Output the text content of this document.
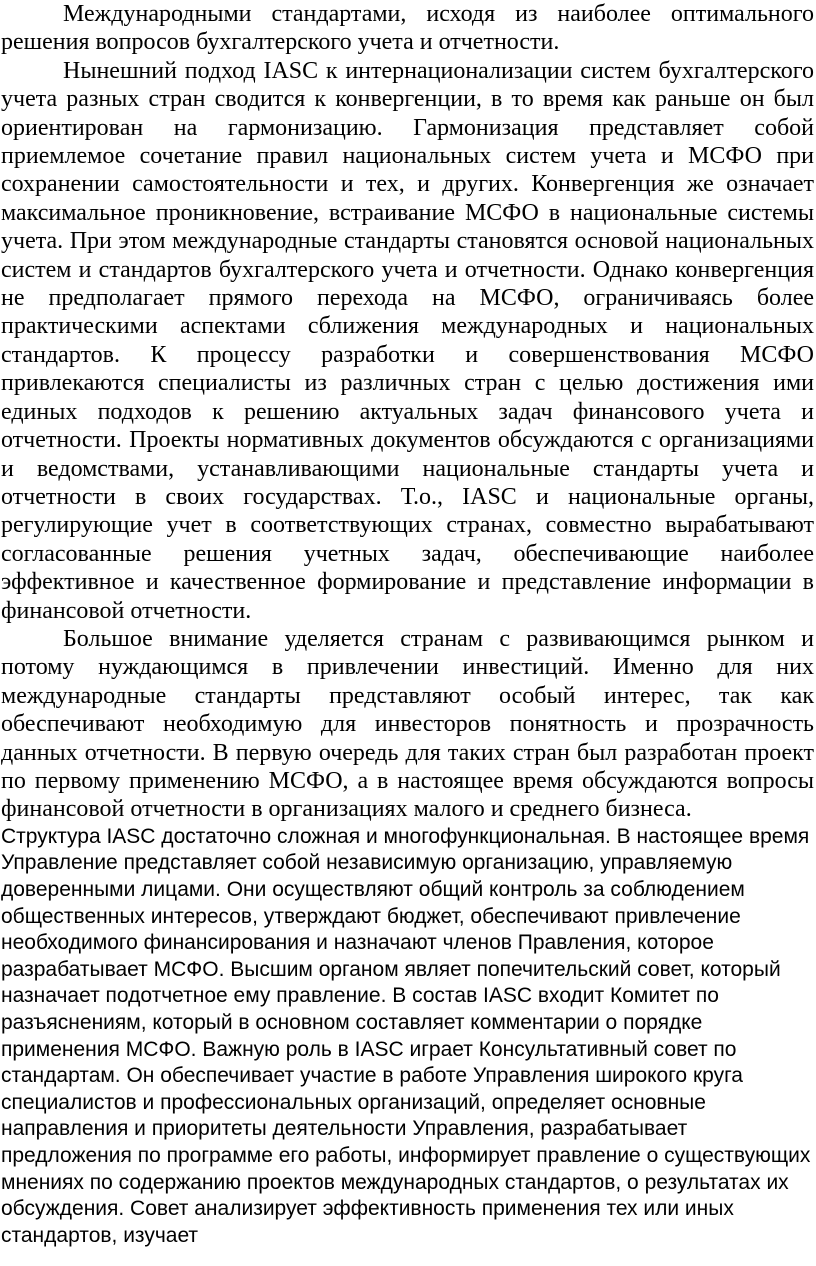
Международными стандартами, исходя из наиболее оптимального решения вопросов бухгалтерского учета и отчетности.

Нынешний подход IASC к интернационализации систем бухгалтерского учета разных стран сводится к конвергенции, в то время как раньше он был ориентирован на гармонизацию. Гармонизация представляет собой приемлемое сочетание правил национальных систем учета и МСФО при сохранении самостоятельности и тех, и других. Конвергенция же означает максимальное проникновение, встраивание МСФО в национальные системы учета. При этом международные стандарты становятся основой национальных систем и стандартов бухгалтерского учета и отчетности. Однако конвергенция не предполагает прямого перехода на МСФО, ограничиваясь более практическими аспектами сближения международных и национальных стандартов. К процессу разработки и совершенствования МСФО привлекаются специалисты из различных стран с целью достижения ими единых подходов к решению актуальных задач финансового учета и отчетности. Проекты нормативных документов обсуждаются с организациями и ведомствами, устанавливающими национальные стандарты учета и отчетности в своих государствах. Т.о., IASC и национальные органы, регулирующие учет в соответствующих странах, совместно вырабатывают согласованные решения учетных задач, обеспечивающие наиболее эффективное и качественное формирование и представление информации в финансовой отчетности.

Большое внимание уделяется странам с развивающимся рынком и потому нуждающимся в привлечении инвестиций. Именно для них международные стандарты представляют особый интерес, так как обеспечивают необходимую для инвесторов понятность и прозрачность данных отчетности. В первую очередь для таких стран был разработан проект по первому применению МСФО, а в настоящее время обсуждаются вопросы финансовой отчетности в организациях малого и среднего бизнеса.

Структура IASC достаточно сложная и многофункциональная. В настоящее время Управление представляет собой независимую организацию, управляемую доверенными лицами. Они осуществляют общий контроль за соблюдением общественных интересов, утверждают бюджет, обеспечивают привлечение необходимого финансирования и назначают членов Правления, которое разрабатывает МСФО. Высшим органом являет попечительский совет, который назначает подотчетное ему правление. В состав IASC входит Комитет по разъяснениям, который в основном составляет комментарии о порядке применения МСФО. Важную роль в IASC играет Консультативный совет по стандартам. Он обеспечивает участие в работе Управления широкого круга специалистов и профессиональных организаций, определяет основные направления и приоритеты деятельности Управления, разрабатывает предложения по программе его работы, информирует правление о существующих мнениях по содержанию проектов международных стандартов, о результатах их обсуждения. Совет анализирует эффективность применения тех или иных стандартов, изучает
